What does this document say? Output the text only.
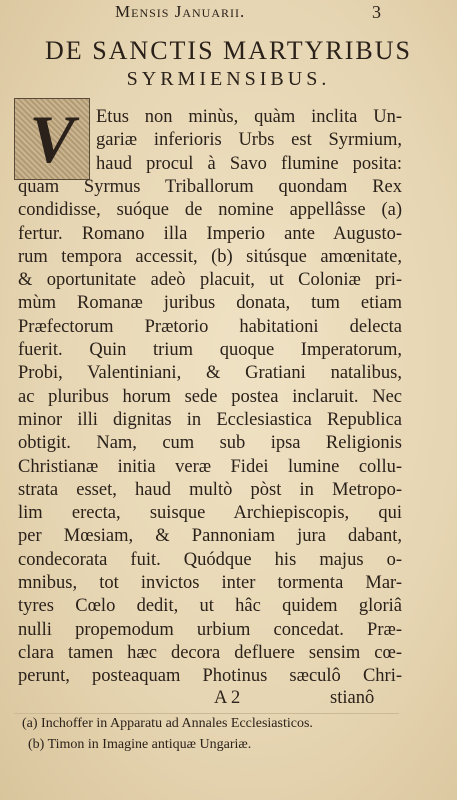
Mensis Januarii.	3
DE SANCTIS MARTYRIBUS
SYRMIENSIBUS.
V Etus non minùs, quàm inclita Un-
gariæ inferioris Urbs est Syrmium,
haud procul à Savo flumine posita:
quam Syrmus Triballorum quondam Rex
condidisse, suóque de nomine appellâsse (a)
fertur. Romano illa Imperio ante Augusto-
rum tempora accessit, (b) sitúsque amœnitate,
& oportunitate adeò placuit, ut Coloniæ pri-
mùm Romanæ juribus donata, tum etiam
Præfectorum Prætorio habitationi delecta
fuerit. Quin trium quoque Imperatorum,
Probi, Valentiniani, & Gratiani natalibus,
ac pluribus horum sede postea inclaruit. Nec
minor illi dignitas in Ecclesiastica Republica
obtigit. Nam, cum sub ipsa Religionis
Christianæ initia veræ Fidei lumine collu-
strata esset, haud multò pòst in Metropo-
lim erecta, suisque Archiepiscopis, qui
per Mœsiam, & Pannoniam jura dabant,
condecorata fuit. Quódque his majus o-
mnibus, tot invictos inter tormenta Mar-
tyres Cœlo dedit, ut hâc quidem gloriâ
nulli propemodum urbium concedat. Præ-
clara tamen hæc decora defluere sensim cœ-
perunt, posteaquam Photinus sæculô Chri-
A 2	stianô
(a) Inchoffer in Apparatu ad Annales Ecclesiasticos.
(b) Timon in Imagine antiquæ Ungariæ.
